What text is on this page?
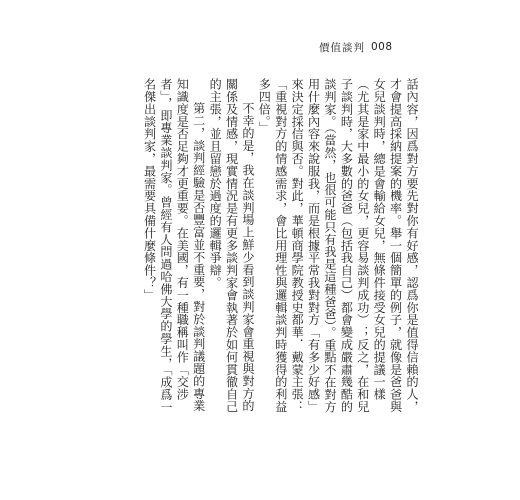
價值談判 008

話內容，因爲對方要先對你有好感，認爲你是值得信賴的人，才會提高採納提案的機率。舉一個簡單的例子，就像是爸爸與女兒談判時，總是會輸給女兒，無條件接受女兒的提議一樣（尤其是家中最小的女兒，更容易談判成功）；反之，在和兒子談判時，大多數的爸爸（包括我自己）都會變成嚴肅幾酷的談判家。（當然，也很可能只有我是這種爸爸）。重點不在對方用什麼內容來說服我，而是根據平常我對對方「有多少好感」來決定採信與否。對此，華頓商學院教授史都華．戴蒙主張：「重視對方的情感需求，會比用理性與邏輯談判時獲得的利益多四倍。」

不幸的是，我在談判場上鮮少看到談判家會重視與對方的關係及情感，現實情況是有更多談判家會執著於如何貫徹自己的主張，並且留戀於過度的邏輯爭辯。

第二，談判經驗是否豐富並不重要，對於談判議題的專業知識度是否足夠才更重要。在美國，有一種職稱叫作「交涉者」，即專業談判家。曾經有人問過哈佛大學的學生，「成爲一名傑出談判家，最需要具備什麼條件？」
